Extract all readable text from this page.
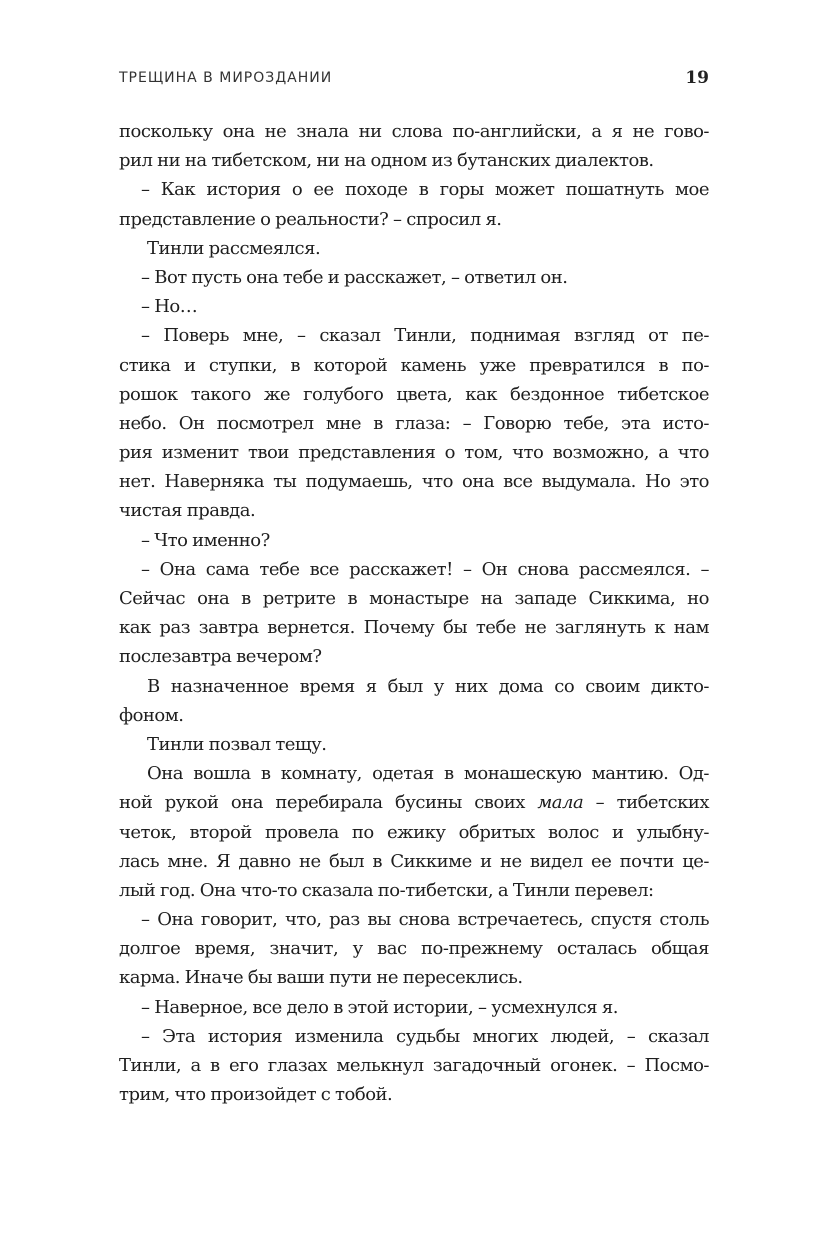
ТРЕЩИНА В МИРОЗДАНИИ	19
поскольку она не знала ни слова по-английски, а я не гово-
рил ни на тибетском, ни на одном из бутанских диалектов.
– Как история о ее походе в горы может пошатнуть мое
представление о реальности? – спросил я.
Тинли рассмеялся.
– Вот пусть она тебе и расскажет, – ответил он.
– Но…
– Поверь мне, – сказал Тинли, поднимая взгляд от пе-
стика и ступки, в которой камень уже превратился в по-
рошок такого же голубого цвета, как бездонное тибетское
небо. Он посмотрел мне в глаза: – Говорю тебе, эта исто-
рия изменит твои представления о том, что возможно, а что
нет. Наверняка ты подумаешь, что она все выдумала. Но это
чистая правда.
– Что именно?
– Она сама тебе все расскажет! – Он снова рассмеялся. –
Сейчас она в ретрите в монастыре на западе Сиккима, но
как раз завтра вернется. Почему бы тебе не заглянуть к нам
послезавтра вечером?
В назначенное время я был у них дома со своим дикто-
фоном.
Тинли позвал тещу.
Она вошла в комнату, одетая в монашескую мантию. Од-
ной рукой она перебирала бусины своих мала – тибетских
четок, второй провела по ежику обритых волос и улыбну-
лась мне. Я давно не был в Сиккиме и не видел ее почти це-
лый год. Она что-то сказала по-тибетски, а Тинли перевел:
– Она говорит, что, раз вы снова встречаетесь, спустя столь
долгое время, значит, у вас по-прежнему осталась общая
карма. Иначе бы ваши пути не пересеклись.
– Наверное, все дело в этой истории, – усмехнулся я.
– Эта история изменила судьбы многих людей, – сказал
Тинли, а в его глазах мелькнул загадочный огонек. – Посмо-
трим, что произойдет с тобой.
